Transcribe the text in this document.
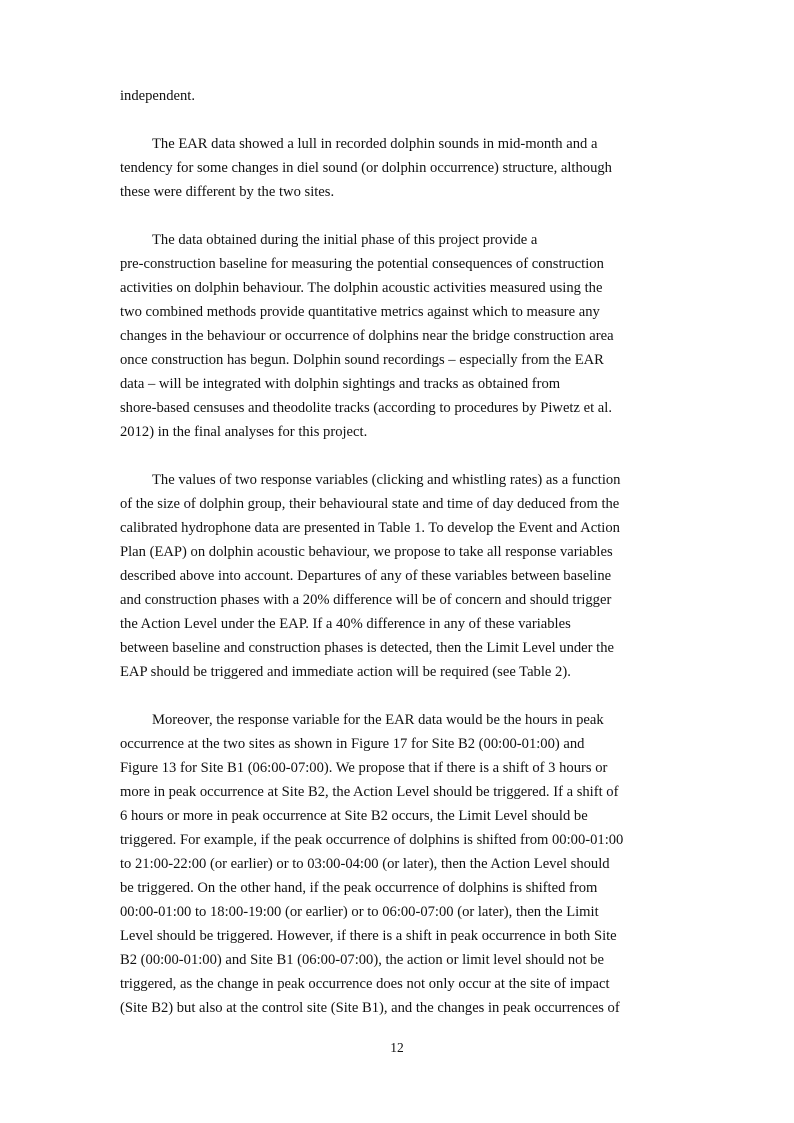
independent.
The EAR data showed a lull in recorded dolphin sounds in mid-month and a
tendency for some changes in diel sound (or dolphin occurrence) structure, although
these were different by the two sites.
The data obtained during the initial phase of this project provide a
pre-construction baseline for measuring the potential consequences of construction
activities on dolphin behaviour. The dolphin acoustic activities measured using the
two combined methods provide quantitative metrics against which to measure any
changes in the behaviour or occurrence of dolphins near the bridge construction area
once construction has begun. Dolphin sound recordings – especially from the EAR
data – will be integrated with dolphin sightings and tracks as obtained from
shore-based censuses and theodolite tracks (according to procedures by Piwetz et al.
2012) in the final analyses for this project.
The values of two response variables (clicking and whistling rates) as a function
of the size of dolphin group, their behavioural state and time of day deduced from the
calibrated hydrophone data are presented in Table 1. To develop the Event and Action
Plan (EAP) on dolphin acoustic behaviour, we propose to take all response variables
described above into account. Departures of any of these variables between baseline
and construction phases with a 20% difference will be of concern and should trigger
the Action Level under the EAP. If a 40% difference in any of these variables
between baseline and construction phases is detected, then the Limit Level under the
EAP should be triggered and immediate action will be required (see Table 2).
Moreover, the response variable for the EAR data would be the hours in peak
occurrence at the two sites as shown in Figure 17 for Site B2 (00:00-01:00) and
Figure 13 for Site B1 (06:00-07:00). We propose that if there is a shift of 3 hours or
more in peak occurrence at Site B2, the Action Level should be triggered. If a shift of
6 hours or more in peak occurrence at Site B2 occurs, the Limit Level should be
triggered. For example, if the peak occurrence of dolphins is shifted from 00:00-01:00
to 21:00-22:00 (or earlier) or to 03:00-04:00 (or later), then the Action Level should
be triggered. On the other hand, if the peak occurrence of dolphins is shifted from
00:00-01:00 to 18:00-19:00 (or earlier) or to 06:00-07:00 (or later), then the Limit
Level should be triggered. However, if there is a shift in peak occurrence in both Site
B2 (00:00-01:00) and Site B1 (06:00-07:00), the action or limit level should not be
triggered, as the change in peak occurrence does not only occur at the site of impact
(Site B2) but also at the control site (Site B1), and the changes in peak occurrences of
12
